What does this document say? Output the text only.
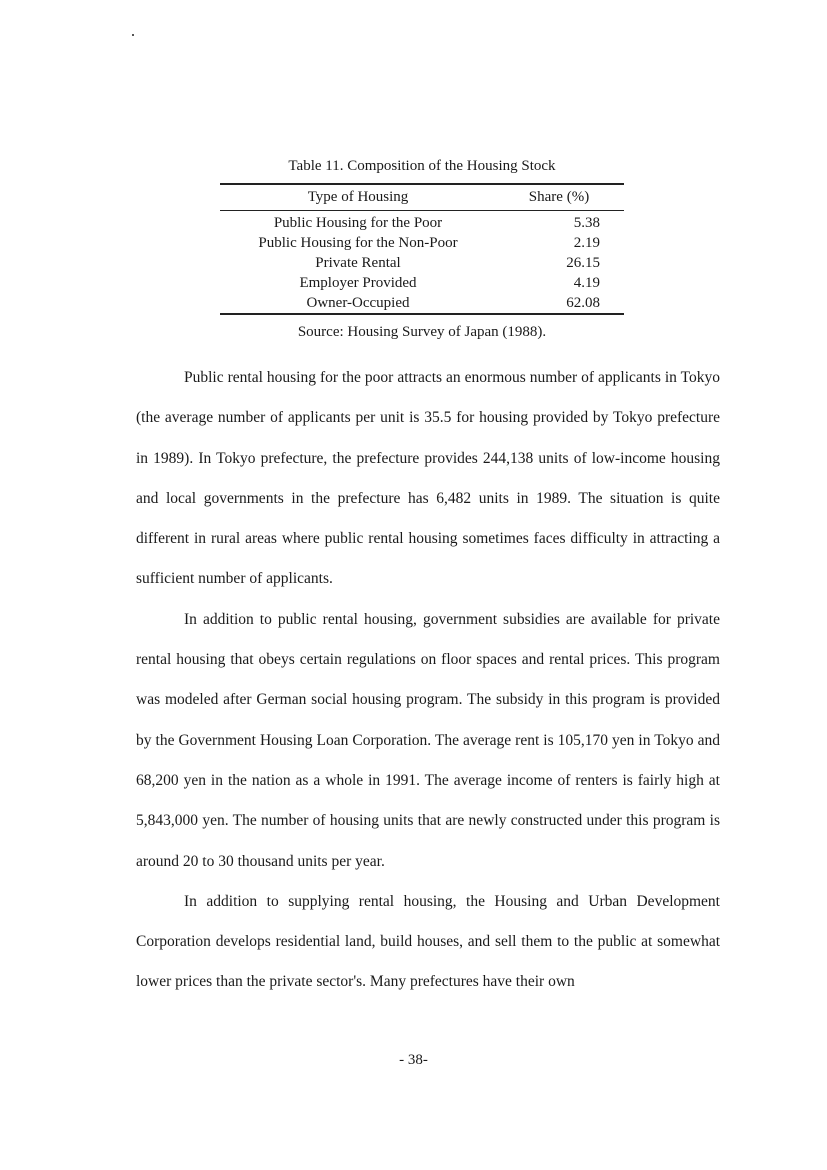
Table 11. Composition of the Housing Stock
Type of Housing	Share (%)
Public Housing for the Poor	5.38
Public Housing for the Non-Poor	2.19
Private Rental	26.15
Employer Provided	4.19
Owner-Occupied	62.08
Source: Housing Survey of Japan (1988).

Public rental housing for the poor attracts an enormous number of applicants in Tokyo (the average number of applicants per unit is 35.5 for housing provided by Tokyo prefecture in 1989). In Tokyo prefecture, the prefecture provides 244,138 units of low-income housing and local governments in the prefecture has 6,482 units in 1989. The situation is quite different in rural areas where public rental housing sometimes faces difficulty in attracting a sufficient number of applicants.

In addition to public rental housing, government subsidies are available for private rental housing that obeys certain regulations on floor spaces and rental prices. This program was modeled after German social housing program. The subsidy in this program is provided by the Government Housing Loan Corporation. The average rent is 105,170 yen in Tokyo and 68,200 yen in the nation as a whole in 1991. The average income of renters is fairly high at 5,843,000 yen. The number of housing units that are newly constructed under this program is around 20 to 30 thousand units per year.

In addition to supplying rental housing, the Housing and Urban Development Corporation develops residential land, build houses, and sell them to the public at somewhat lower prices than the private sector's. Many prefectures have their own

- 38-
